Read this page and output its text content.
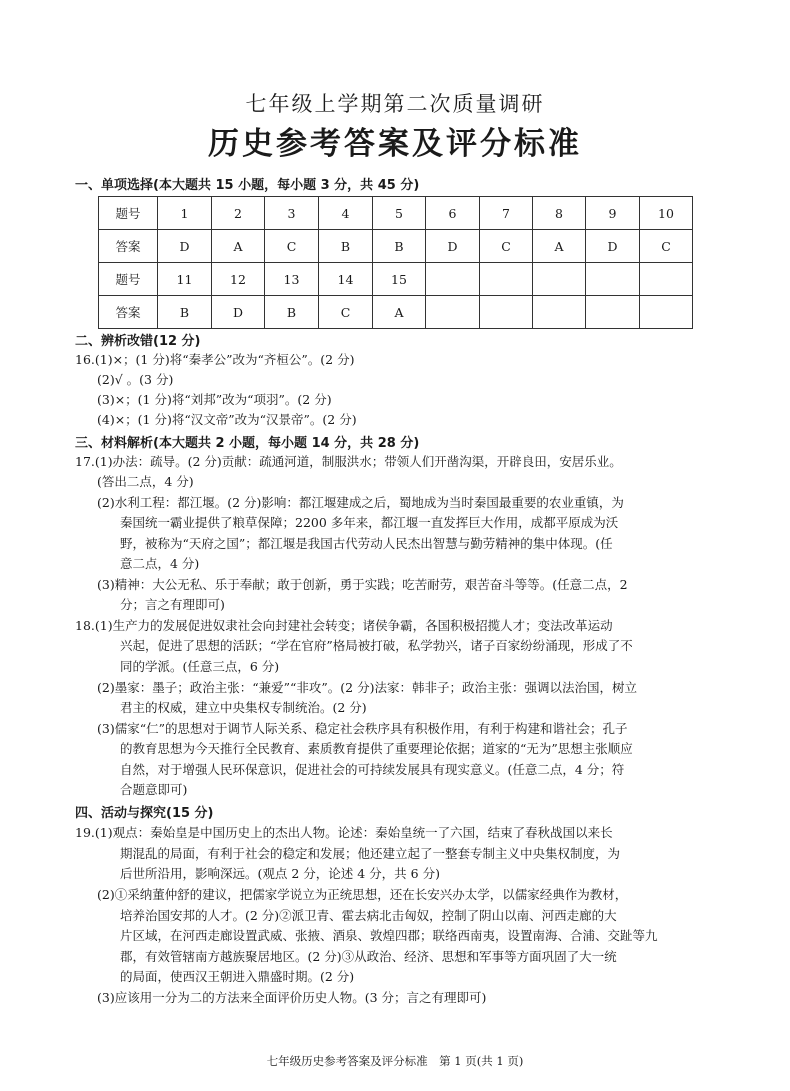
七年级上学期第二次质量调研
历史参考答案及评分标准
一、单项选择(本大题共 15 小题，每小题 3 分，共 45 分)
题号	1	2	3	4	5	6	7	8	9	10
答案	D	A	C	B	B	D	C	A	D	C
题号	11	12	13	14	15					
答案	B	D	B	C	A					
二、辨析改错(12 分)
16.(1)×；(1 分)将“秦孝公”改为“齐桓公”。(2 分)
(2)√ 。(3 分)
(3)×；(1 分)将“刘邦”改为“项羽”。(2 分)
(4)×；(1 分)将“汉文帝”改为“汉景帝”。(2 分)
三、材料解析(本大题共 2 小题，每小题 14 分，共 28 分)
17.(1)办法：疏导。(2 分)贡献：疏通河道，制服洪水；带领人们开凿沟渠，开辟良田，安居乐业。
(答出二点，4 分)
(2)水利工程：都江堰。(2 分)影响：都江堰建成之后，蜀地成为当时秦国最重要的农业重镇，为
秦国统一霸业提供了粮草保障；2200 多年来，都江堰一直发挥巨大作用，成都平原成为沃
野，被称为“天府之国”；都江堰是我国古代劳动人民杰出智慧与勤劳精神的集中体现。(任
意二点，4 分)
(3)精神：大公无私、乐于奉献；敢于创新，勇于实践；吃苦耐劳，艰苦奋斗等等。(任意二点，2
分；言之有理即可)
18.(1)生产力的发展促进奴隶社会向封建社会转变；诸侯争霸，各国积极招揽人才；变法改革运动
兴起，促进了思想的活跃；“学在官府”格局被打破，私学勃兴，诸子百家纷纷涌现，形成了不
同的学派。(任意三点，6 分)
(2)墨家：墨子；政治主张：“兼爱”“非攻”。(2 分)法家：韩非子；政治主张：强调以法治国，树立
君主的权威，建立中央集权专制统治。(2 分)
(3)儒家“仁”的思想对于调节人际关系、稳定社会秩序具有积极作用，有利于构建和谐社会；孔子
的教育思想为今天推行全民教育、素质教育提供了重要理论依据；道家的“无为”思想主张顺应
自然，对于增强人民环保意识，促进社会的可持续发展具有现实意义。(任意二点，4 分；符
合题意即可)
四、活动与探究(15 分)
19.(1)观点：秦始皇是中国历史上的杰出人物。论述：秦始皇统一了六国，结束了春秋战国以来长
期混乱的局面，有利于社会的稳定和发展；他还建立起了一整套专制主义中央集权制度，为
后世所沿用，影响深远。(观点 2 分，论述 4 分，共 6 分)
(2)①采纳董仲舒的建议，把儒家学说立为正统思想，还在长安兴办太学，以儒家经典作为教材，
培养治国安邦的人才。(2 分)②派卫青、霍去病北击匈奴，控制了阴山以南、河西走廊的大
片区域，在河西走廊设置武威、张掖、酒泉、敦煌四郡；联络西南夷，设置南海、合浦、交趾等九
郡，有效管辖南方越族聚居地区。(2 分)③从政治、经济、思想和军事等方面巩固了大一统
的局面，使西汉王朝进入鼎盛时期。(2 分)
(3)应该用一分为二的方法来全面评价历史人物。(3 分；言之有理即可)
七年级历史参考答案及评分标准　第 1 页(共 1 页)
